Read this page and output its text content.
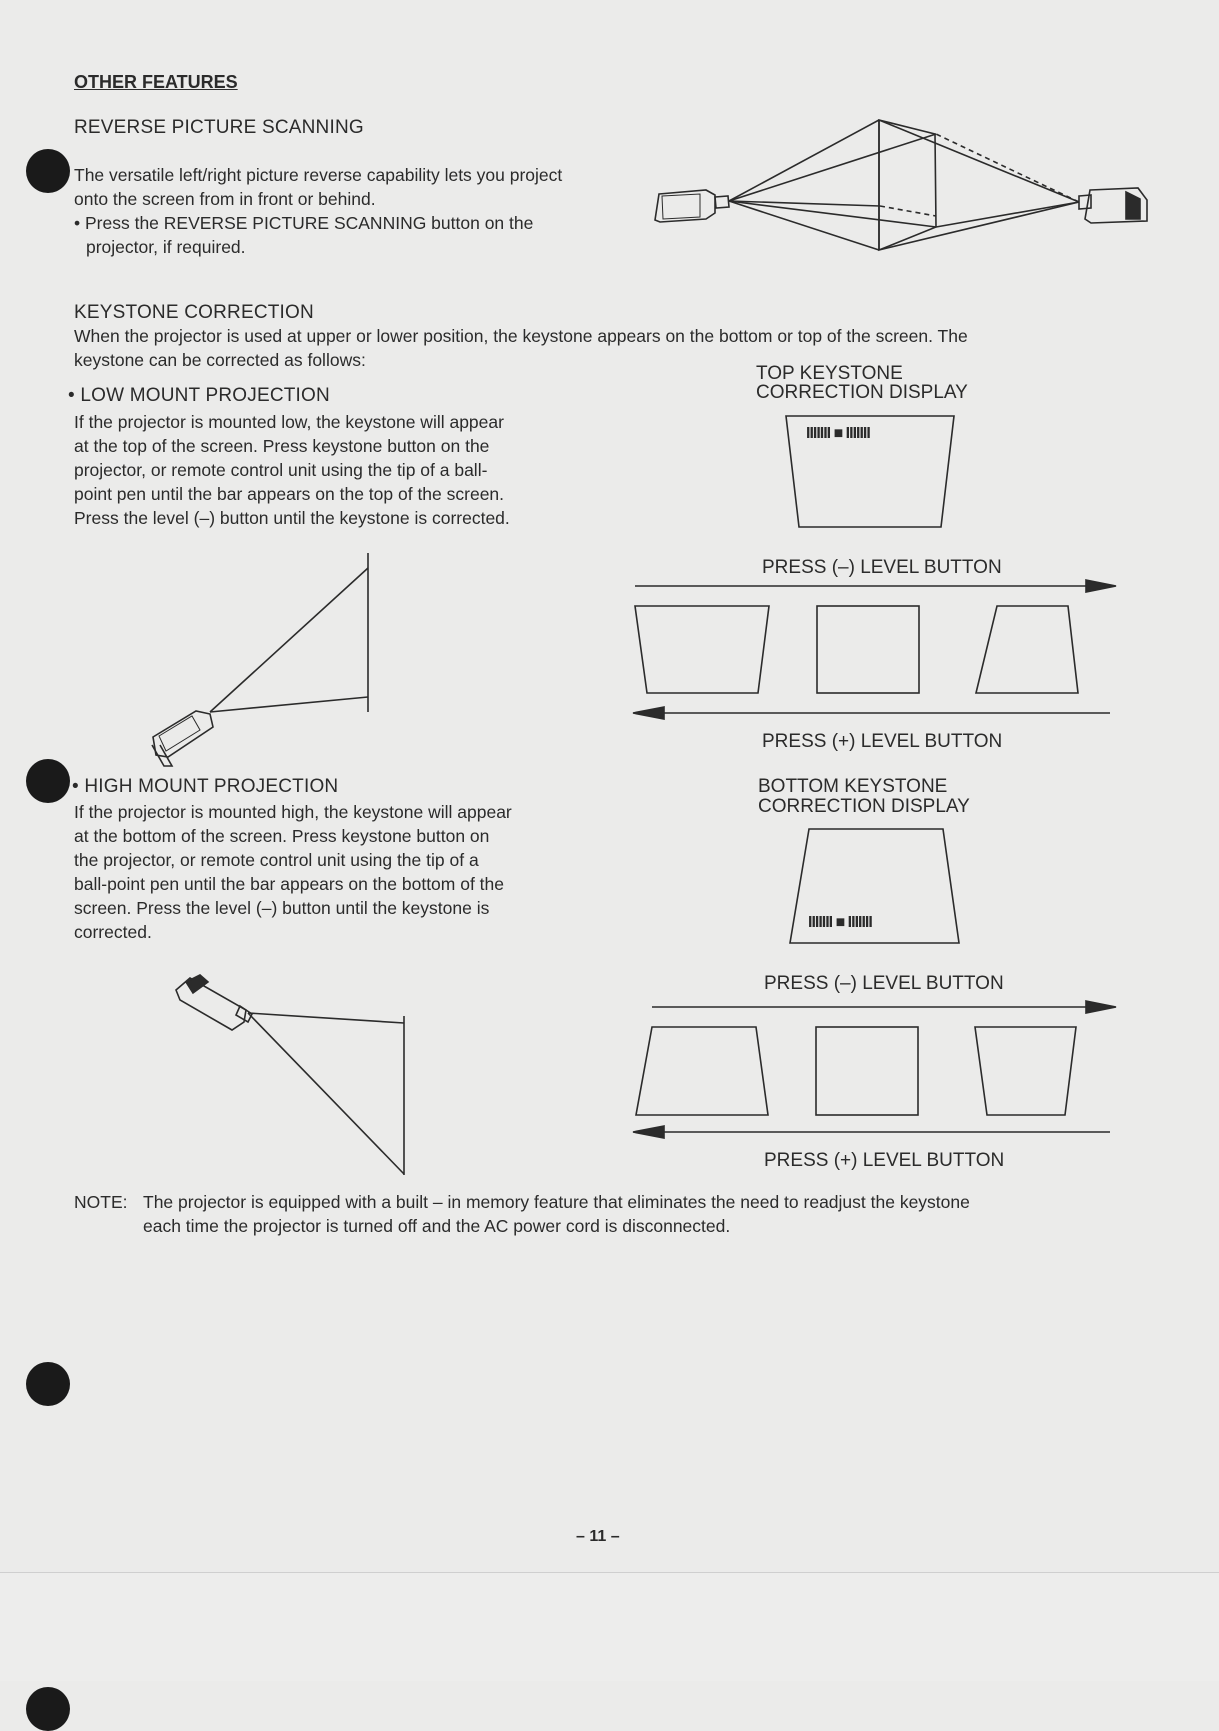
OTHER FEATURES
REVERSE PICTURE SCANNING
The versatile left/right picture reverse capability lets you project
onto the screen from in front or behind.
• Press the REVERSE PICTURE SCANNING button on the
projector, if required.
KEYSTONE CORRECTION
When the projector is used at upper or lower position, the keystone appears on the bottom or top of the screen. The
keystone can be corrected as follows:
• LOW MOUNT PROJECTION
If the projector is mounted low, the keystone will appear
at the top of the screen. Press keystone button on the
projector, or remote control unit using the tip of a ball-
point pen until the bar appears on the top of the screen.
Press the level (–) button until the keystone is corrected.
TOP KEYSTONE
CORRECTION DISPLAY
IIIIIII ■ IIIIIII
PRESS (–) LEVEL BUTTON
PRESS (+) LEVEL BUTTON
• HIGH MOUNT PROJECTION
If the projector is mounted high, the keystone will appear
at the bottom of the screen. Press keystone button on
the projector, or remote control unit using the tip of a
ball-point pen until the bar appears on the bottom of the
screen. Press the level (–) button until the keystone is
corrected.
BOTTOM KEYSTONE
CORRECTION DISPLAY
IIIIIII ■ IIIIIII
PRESS (–) LEVEL BUTTON
PRESS (+) LEVEL BUTTON
NOTE: The projector is equipped with a built – in memory feature that eliminates the need to readjust the keystone
each time the projector is turned off and the AC power cord is disconnected.
– 11 –
